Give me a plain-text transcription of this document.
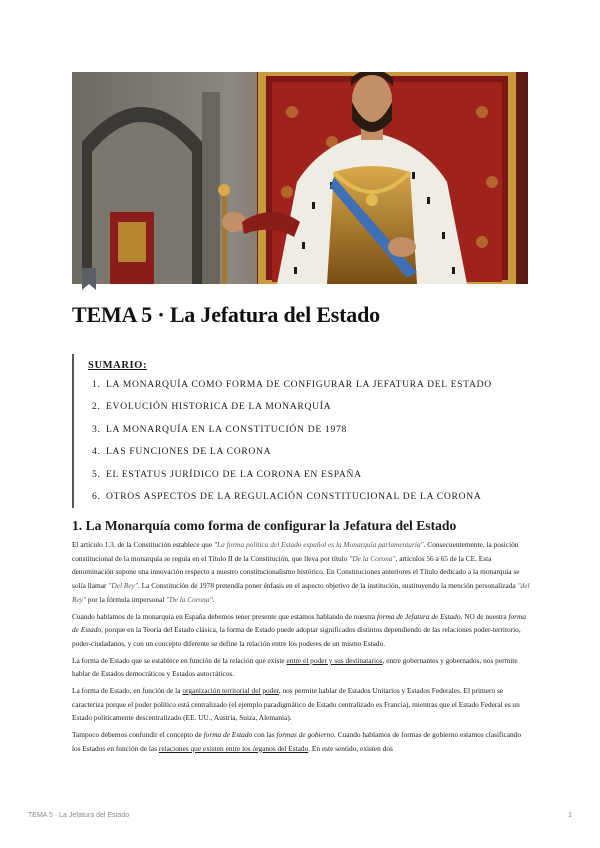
TEMA 5 · La Jefatura del Estado
SUMARIO:
1. LA MONARQUÍA COMO FORMA DE CONFIGURAR LA JEFATURA DEL ESTADO
2. EVOLUCIÓN HISTORICA DE LA MONARQUÍA
3. LA MONARQUÍA EN LA CONSTITUCIÓN DE 1978
4. LAS FUNCIONES DE LA CORONA
5. EL ESTATUS JURÍDICO DE LA CORONA EN ESPAÑA
6. OTROS ASPECTOS DE LA REGULACIÓN CONSTITUCIONAL DE LA CORONA
1. La Monarquía como forma de configurar la Jefatura del Estado

El artículo 1.3. de la Constitución establece que "La forma política del Estado español es la Monarquía parlamentaria". Consecuentemente, la posición constitucional de la monarquía se regula en el Título II de la Constitución, que lleva por título "De la Corona", artículos 56 a 65 de la CE. Esta denominación supone una innovación respecto a nuestro constitucionalismo histórico. En Constituciones anteriores el Título dedicado a la monarquía se solía llamar "Del Rey". La Constitución de 1978 pretendía poner énfasis en el aspecto objetivo de la institución, sustituyendo la mención personalizada "del Rey" por la fórmula impersonal "De la Corona".

Cuando hablamos de la monarquía en España debemos tener presente que estamos hablando de nuestra forma de Jefatura de Estado, NO de nuestra forma de Estado, porque en la Teoría del Estado clásica, la forma de Estado puede adoptar significados distintos dependiendo de las relaciones poder-territorio, poder-ciudadanos, y con un concepto diferente se define la relación entre los poderes de un mismo Estado.

La forma de Estado que se establece en función de la relación que existe entre el poder y sus destinatarios, entre gobernantes y gobernados, nos permite hablar de Estados democráticos y Estados autocráticos.

La forma de Estado, en función de la organización territorial del poder, nos permite hablar de Estados Unitarios y Estados Federales. El primero se caracteriza porque el poder político está centralizado (el ejemplo paradigmático de Estado centralizado es Francia), mientras que el Estado Federal es un Estado políticamente descentralizado (EE. UU., Austria, Suiza, Alemania).

Tampoco debemos confundir el concepto de forma de Estado con las formas de gobierno. Cuando hablamos de formas de gobierno estamos clasificando los Estados en función de las relaciones que existen entre los órganos del Estado. En este sentido, existen dos

TEMA 5 · La Jefatura del Estado	1
